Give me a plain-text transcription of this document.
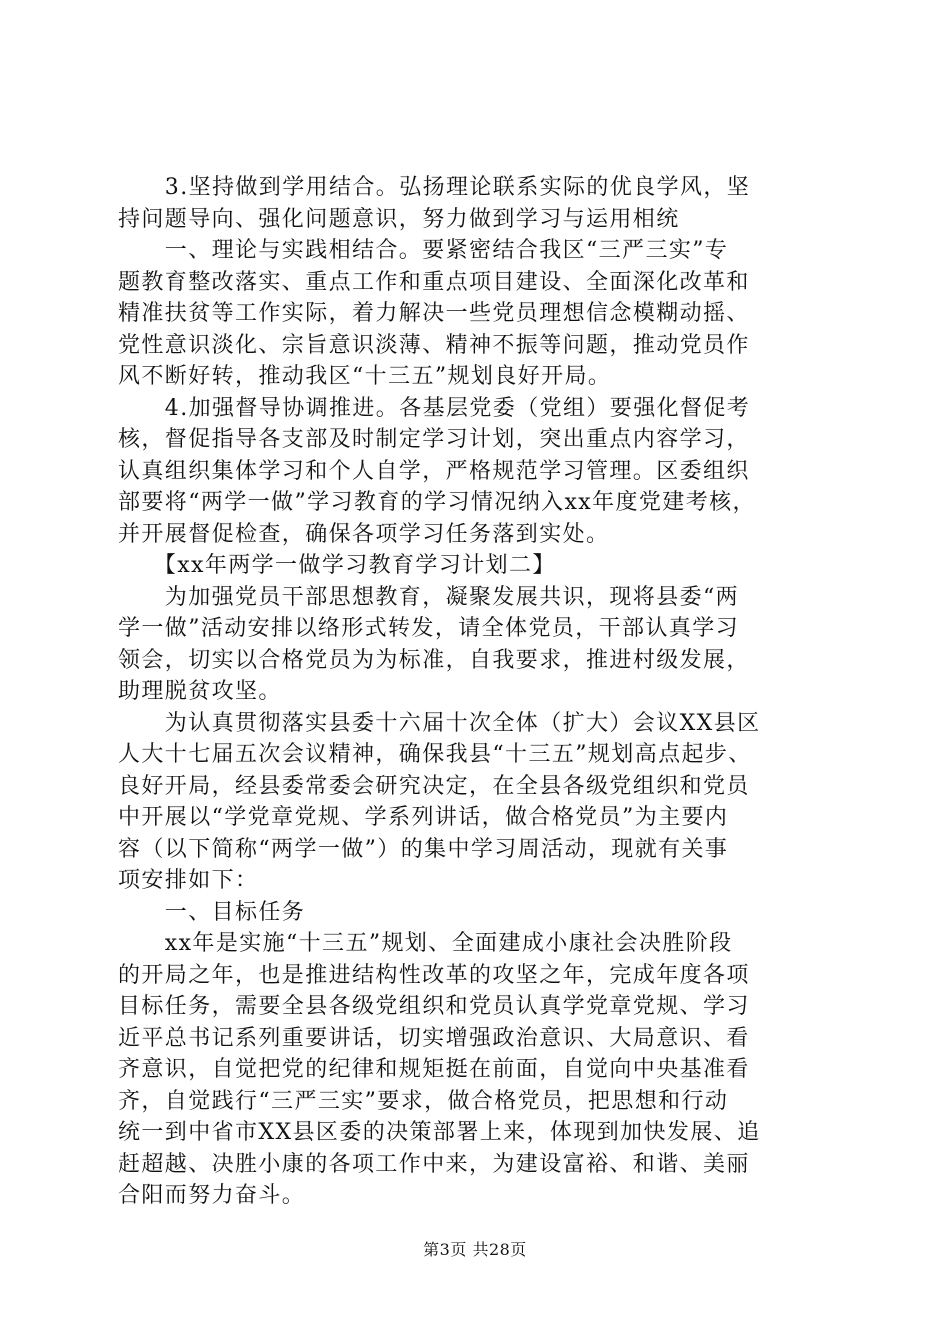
　　3.坚持做到学用结合。弘扬理论联系实际的优良学风，坚
持问题导向、强化问题意识，努力做到学习与运用相统
　　一、理论与实践相结合。要紧密结合我区“三严三实”专
题教育整改落实、重点工作和重点项目建设、全面深化改革和
精准扶贫等工作实际，着力解决一些党员理想信念模糊动摇、
党性意识淡化、宗旨意识淡薄、精神不振等问题，推动党员作
风不断好转，推动我区“十三五”规划良好开局。
　　4.加强督导协调推进。各基层党委（党组）要强化督促考
核，督促指导各支部及时制定学习计划，突出重点内容学习，
认真组织集体学习和个人自学，严格规范学习管理。区委组织
部要将“两学一做”学习教育的学习情况纳入xx年度党建考核，
并开展督促检查，确保各项学习任务落到实处。
　　【xx年两学一做学习教育学习计划二】
　　为加强党员干部思想教育，凝聚发展共识，现将县委“两
学一做”活动安排以络形式转发，请全体党员，干部认真学习
领会，切实以合格党员为为标准，自我要求，推进村级发展，
助理脱贫攻坚。
　　为认真贯彻落实县委十六届十次全体（扩大）会议XX县区
人大十七届五次会议精神，确保我县“十三五”规划高点起步、
良好开局，经县委常委会研究决定，在全县各级党组织和党员
中开展以“学党章党规、学系列讲话，做合格党员”为主要内
容（以下简称“两学一做”）的集中学习周活动，现就有关事
项安排如下：
　　一、目标任务
　　xx年是实施“十三五”规划、全面建成小康社会决胜阶段
的开局之年，也是推进结构性改革的攻坚之年，完成年度各项
目标任务，需要全县各级党组织和党员认真学党章党规、学习
近平总书记系列重要讲话，切实增强政治意识、大局意识、看
齐意识，自觉把党的纪律和规矩挺在前面，自觉向中央基准看
齐，自觉践行“三严三实”要求，做合格党员，把思想和行动
统一到中省市XX县区委的决策部署上来，体现到加快发展、追
赶超越、决胜小康的各项工作中来，为建设富裕、和谐、美丽
合阳而努力奋斗。
第3页 共28页
